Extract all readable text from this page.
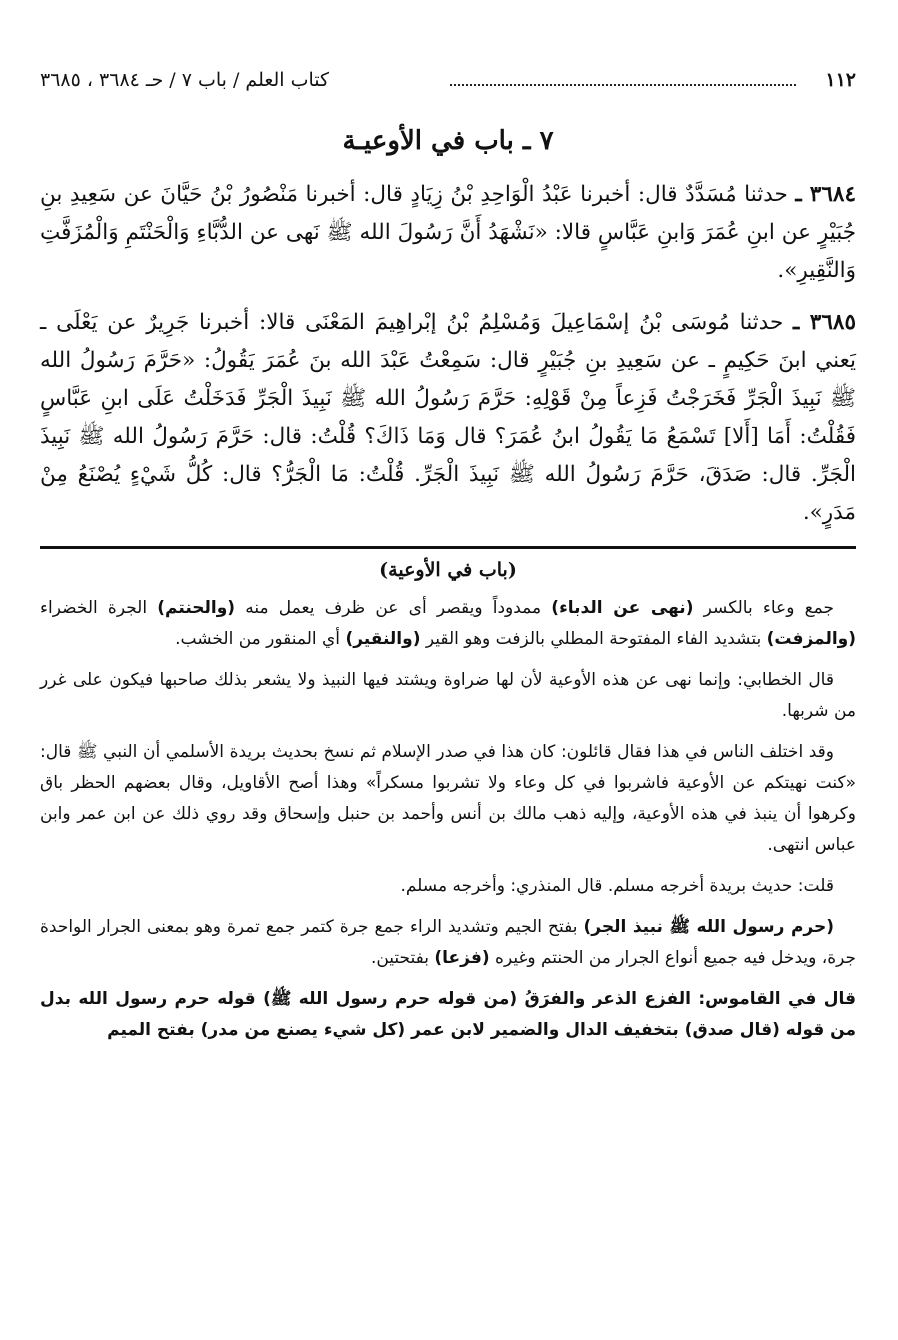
١١٢
كتاب العلم / باب ٧ / حـ ٣٦٨٤ ، ٣٦٨٥
٧ ـ باب في الأوعيـة

٣٦٨٤ ـ حدثنا مُسَدَّدٌ قال: أخبرنا عَبْدُ الْوَاحِدِ بْنُ زِيَادٍ قال: أخبرنا مَنْصُورُ بْنُ حَيَّانَ عن سَعِيدِ بنِ جُبَيْرٍ عن ابنِ عُمَرَ وَابنِ عَبَّاسٍ قالا: «نَشْهَدُ أَنَّ رَسُولَ الله ﷺ نَهى عن الدُّبَّاءِ وَالْحَنْتَمِ وَالْمُزَفَّتِ وَالنَّقِيرِ».

٣٦٨٥ ـ حدثنا مُوسَى بْنُ إسْمَاعِيلَ وَمُسْلِمُ بْنُ إبْراهِيمَ المَعْنَى قالا: أخبرنا جَرِيرٌ عن يَعْلَى ـ يَعني ابنَ حَكِيمٍ ـ عن سَعِيدِ بنِ جُبَيْرٍ قال: سَمِعْتُ عَبْدَ الله بنَ عُمَرَ يَقُولُ: «حَرَّمَ رَسُولُ الله ﷺ نَبِيذَ الْجَرِّ فَخَرَجْتُ فَزِعاً مِنْ قَوْلِهِ: حَرَّمَ رَسُولُ الله ﷺ نَبِيذَ الْجَرِّ فَدَخَلْتُ عَلَى ابنِ عَبَّاسٍ فَقُلْتُ: أَمَا [أَلا] تَسْمَعُ مَا يَقُولُ ابنُ عُمَرَ؟ قال وَمَا ذَاكَ؟ قُلْتُ: قال: حَرَّمَ رَسُولُ الله ﷺ نَبِيذَ الْجَرِّ. قال: صَدَقَ، حَرَّمَ رَسُولُ الله ﷺ نَبِيذَ الْجَرِّ. قُلْتُ: مَا الْجَرُّ؟ قال: كُلُّ شَيْءٍ يُصْنَعُ مِنْ مَدَرٍ».

(باب في الأوعية)

جمع وعاء بالكسر (نهى عن الدباء) ممدوداً ويقصر أى عن ظرف يعمل منه (والحنتم) الجرة الخضراء (والمزفت) بتشديد الفاء المفتوحة المطلي بالزفت وهو القير (والنقير) أي المنقور من الخشب.

قال الخطابي: وإنما نهى عن هذه الأوعية لأن لها ضراوة ويشتد فيها النبيذ ولا يشعر بذلك صاحبها فيكون على غرر من شربها.

وقد اختلف الناس في هذا فقال قائلون: كان هذا في صدر الإسلام ثم نسخ بحديث بريدة الأسلمي أن النبي ﷺ قال: «كنت نهيتكم عن الأوعية فاشربوا في كل وعاء ولا تشربوا مسكراً» وهذا أصح الأقاويل، وقال بعضهم الحظر باق وكرهوا أن ينبذ في هذه الأوعية، وإليه ذهب مالك بن أنس وأحمد بن حنبل وإسحاق وقد روي ذلك عن ابن عمر وابن عباس انتهى.

قلت: حديث بريدة أخرجه مسلم. قال المنذري: وأخرجه مسلم.

(حرم رسول الله ﷺ نبيذ الجر) بفتح الجيم وتشديد الراء جمع جرة كتمر جمع تمرة وهو بمعنى الجرار الواحدة جرة، ويدخل فيه جميع أنواع الجرار من الحنتم وغيره (فزعا) بفتحتين.

قال في القاموس: الفزع الذعر والفرَقُ (من قوله حرم رسول الله ﷺ) قوله حرم رسول الله بدل من قوله (قال صدق) بتخفيف الدال والضمير لابن عمر (كل شيء يصنع من مدر) بفتح الميم
